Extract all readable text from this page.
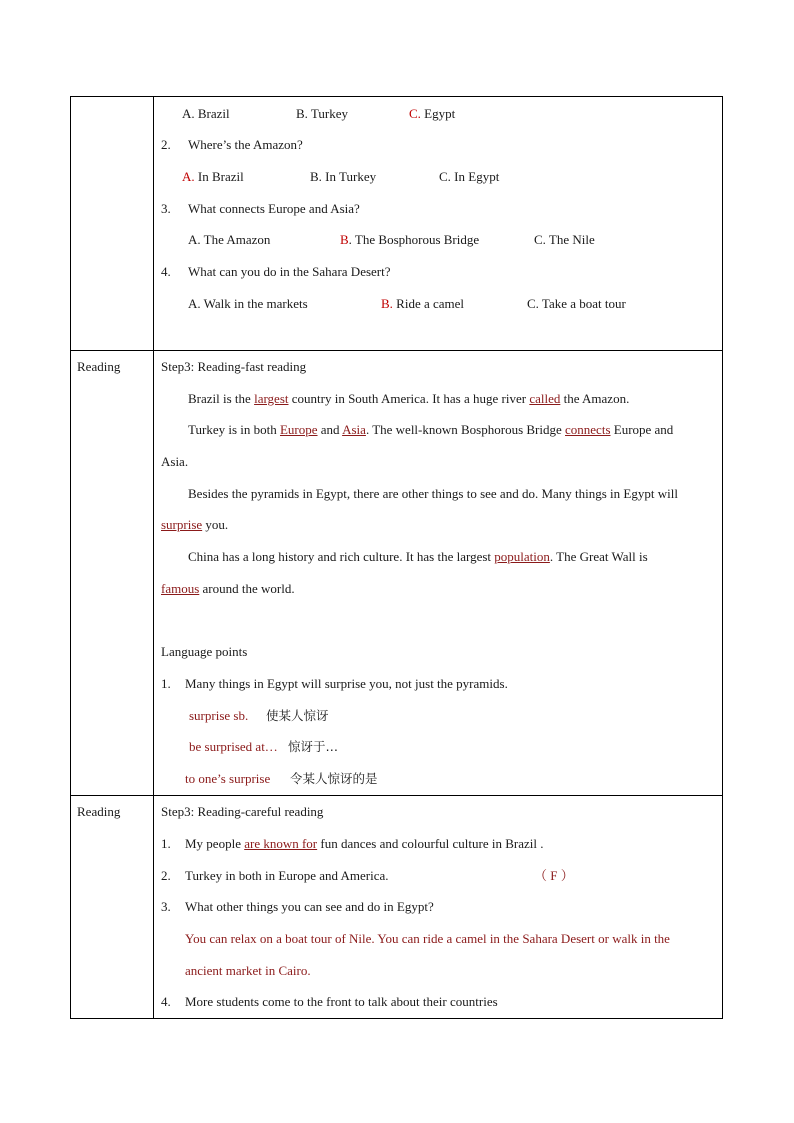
A. Brazil	B. Turkey	C. Egypt
2. Where’s the Amazon?
A. In Brazil	B. In Turkey	C. In Egypt
3. What connects Europe and Asia?
A. The Amazon	B. The Bosphorous Bridge	C. The Nile
4. What can you do in the Sahara Desert?
A. Walk in the markets	B. Ride a camel	C. Take a boat tour
Reading	Step3: Reading-fast reading
Brazil is the largest country in South America. It has a huge river called the Amazon.
Turkey is in both Europe and Asia. The well-known Bosphorous Bridge connects Europe and
Asia.
Besides the pyramids in Egypt, there are other things to see and do. Many things in Egypt will
surprise you.
China has a long history and rich culture. It has the largest population. The Great Wall is
famous around the world.
Language points
1. Many things in Egypt will surprise you, not just the pyramids.
surprise sb. 使某人惊讶
be surprised at… 惊讶于…
to one’s surprise 令某人惊讶的是
Reading	Step3: Reading-careful reading
1. My people are known for fun dances and colourful culture in Brazil .
2. Turkey in both in Europe and America.	（ F ）
3. What other things you can see and do in Egypt?
You can relax on a boat tour of Nile. You can ride a camel in the Sahara Desert or walk in the
ancient market in Cairo.
4. More students come to the front to talk about their countries
